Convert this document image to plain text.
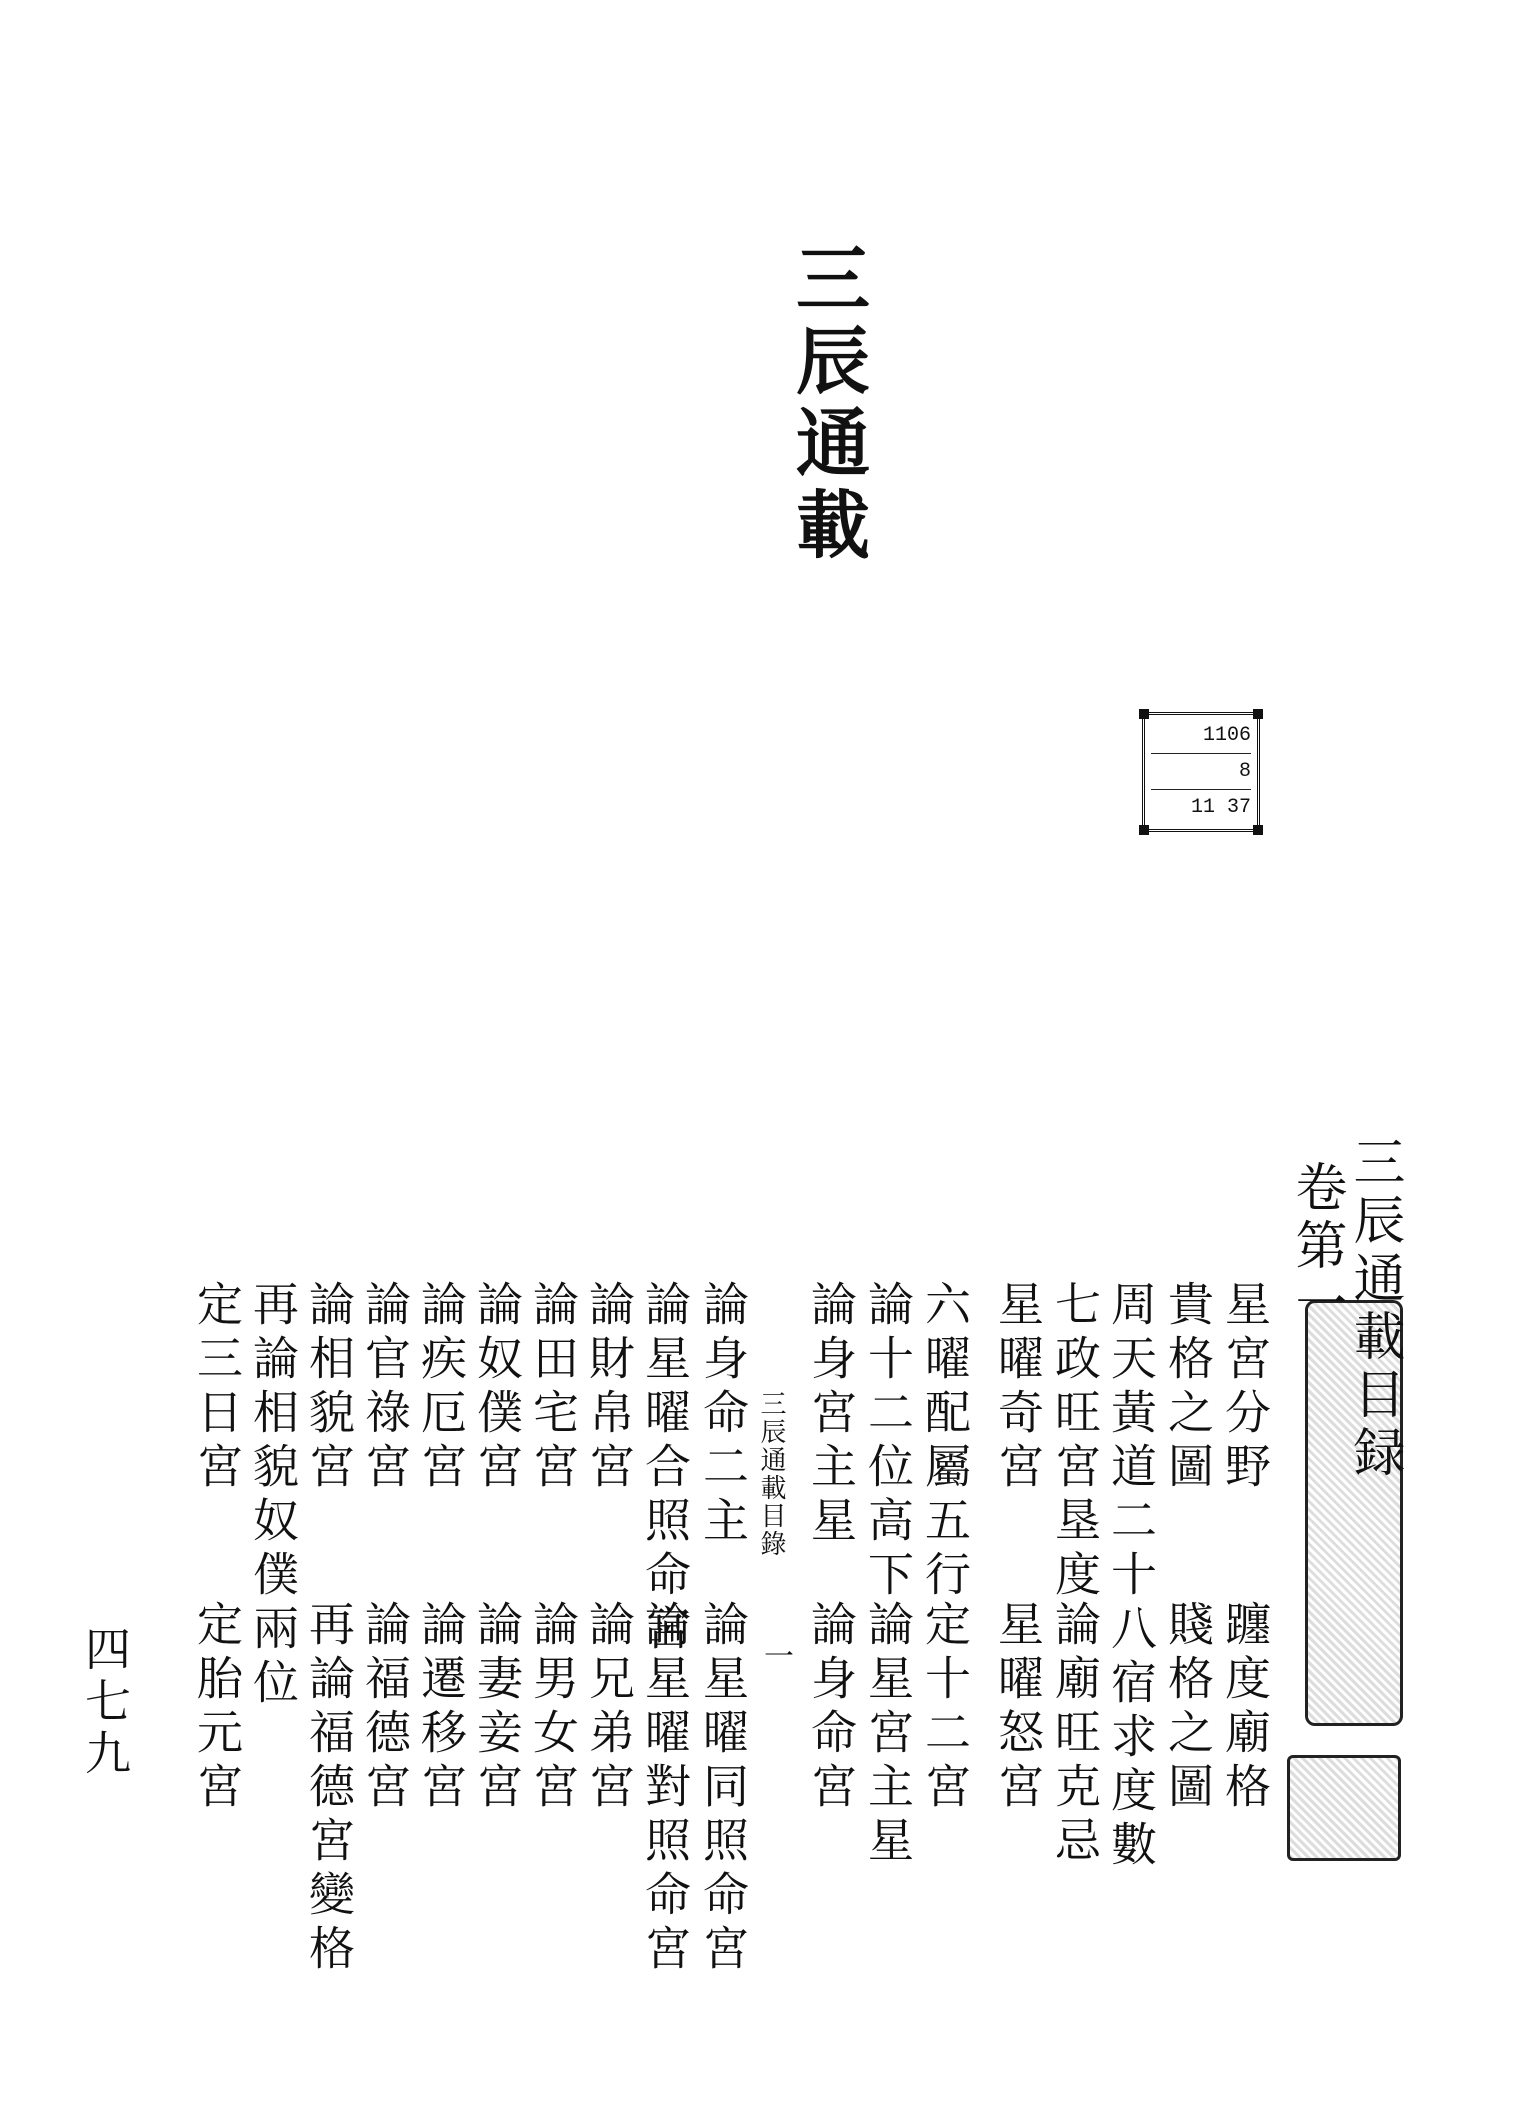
三辰通載
1106
8
11 37
三辰通載目録
卷第一
星宮分野
躔度廟格
貴格之圖
賤格之圖
周天黃道二十八宿求度數
七政旺宮垦度
論廟旺克忌
星曜奇宮
星曜怒宮
六曜配屬五行
定十二宮
論十二位高下
論星宮主星
論身宮主星
論身命宮
三辰通載目錄
一
論身命二主
論星曜同照命宮
論星曜合照命宮
論星曜對照命宮
論財帛宮
論兄弟宮
論田宅宮
論男女宮
論奴僕宮
論妻妾宮
論疾厄宮
論遷移宮
論官祿宮
論福德宮
論相貌宮
再論福德宮變格
再論相貌奴僕兩位
定三日宮
定胎元宮
四七九
